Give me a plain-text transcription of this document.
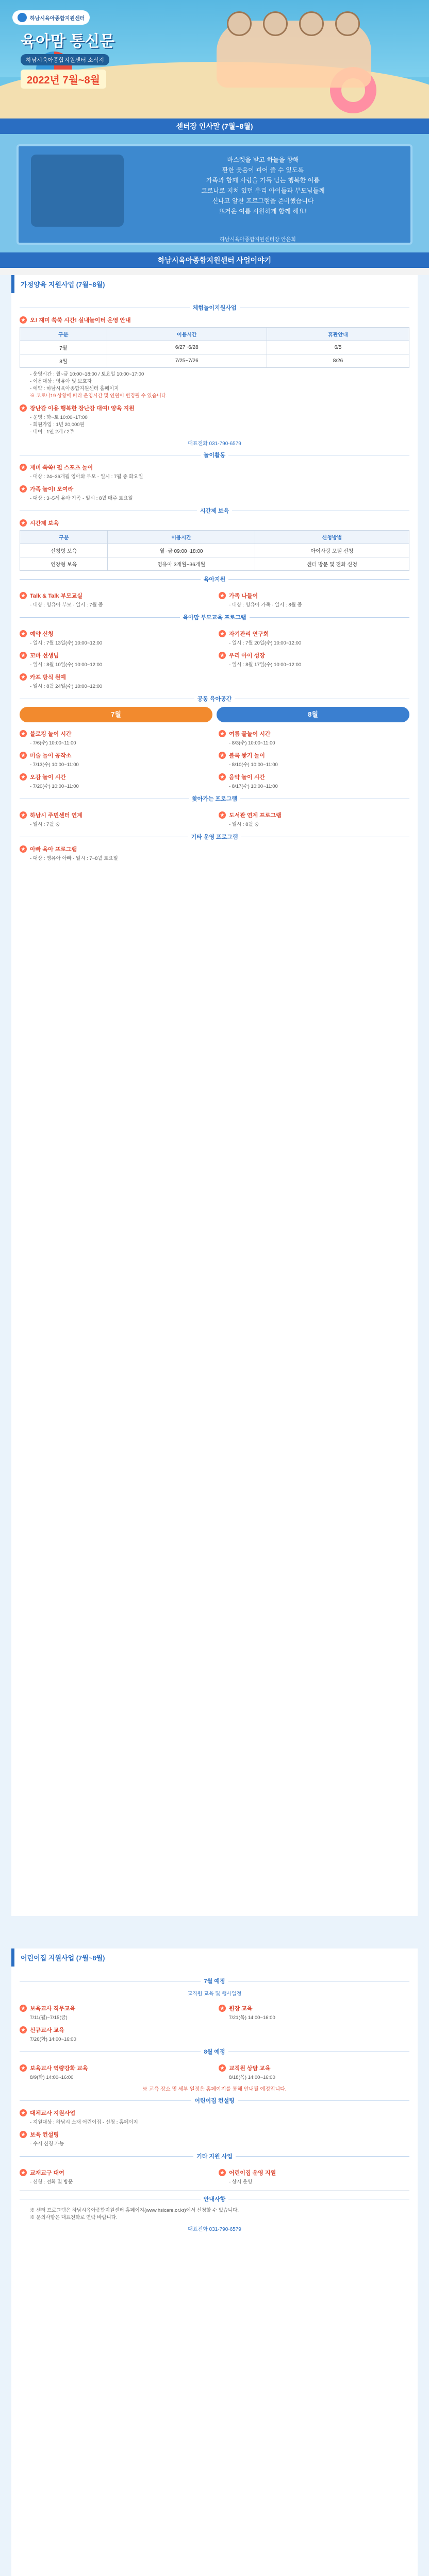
하남시육아종합지원센터
육아맘 통신문
하남시육아종합지원센터 소식지
2022년 7월~8월
센터장 인사말 (7월~8월)
바스켓을 받고 하늘을 향해
환한 웃음이 피어 줄 수 있도록
가족과 함께 사랑을 가득 담는 행복한 여름
코로나로 지쳐 있던 우리 아이들과 부모님들께
신나고 알찬 프로그램을 준비했습니다
뜨거운 여름 시원하게 함께 해요!
하남시육아종합지원센터장 안윤희
하남시육아종합지원센터 사업이야기
가정양육 지원사업 (7월~8월)
체험놀이지원사업
★ 오! 재미 쑥쑥 시간! 실내놀이터 운영 안내
구분	이용시간	휴관안내
7월	6/27~6/28	6/5
8월	7/25~7/26	8/26

- 운영시간 : 월~금 10:00~18:00 / 토요일 10:00~17:00

- 이용대상 : 영유아 및 보호자

- 예약 : 하남시육아종합지원센터 홈페이지

※ 코로나19 상황에 따라 운영시간 및 인원이 변경될 수 있습니다.

★ 장난감 이용 행복한 장난감 대여! 양육 지원

- 운영 : 화~토 10:00~17:00

- 회원가입 : 1년 20,000원

- 대여 : 1인 2개 / 2주

대표전화 031-790-6579
놀이활동
★ 재미 쏙쏙! 펄 스포츠 놀이
- 대상 : 24~36개월 영아와 부모 - 일시 : 7월 중 화요일
★ 가족 놀이! 모여라
- 대상 : 3~5세 유아 가족 - 일시 : 8월 매주 토요일
시간제 보육
★ 시간제 보육
구분	이용시간	신청방법
선청형 보육	월~금 09:00~18:00	아이사랑 포털 신청
연장형 보육	영유아 3개월~36개월	센터 방문 및 전화 신청
육아지원
★ Talk & Talk 부모교실
- 대상 : 영유아 부모 - 일시 : 7월 중
★ 가족 나들이
- 대상 : 영유아 가족 - 일시 : 8월 중
육아맘 부모교육 프로그램
★ 예약 신청
- 일시 : 7월 13일(수) 10:00~12:00
★ 자기관리 연구회
- 일시 : 7월 20일(수) 10:00~12:00
★ 꼬마 선생님
- 일시 : 8월 10일(수) 10:00~12:00
★ 우리 아이 성장
- 일시 : 8월 17일(수) 10:00~12:00
★ 카프 방식 원예
- 일시 : 8월 24일(수) 10:00~12:00
공동 육아공간
7월	8월
★ 블로킹 놀이 시간
- 7/6(수) 10:00~11:00
★ 미술 놀이 공작소
- 7/13(수) 10:00~11:00
★ 오감 놀이 시간
- 7/20(수) 10:00~11:00
★ 여름 물놀이 시간
- 8/3(수) 10:00~11:00
★ 블록 쌓기 놀이
- 8/10(수) 10:00~11:00
★ 음악 놀이 시간
- 8/17(수) 10:00~11:00
찾아가는 프로그램
★ 하남시 주민센터 연계
- 일시 : 7월 중
★ 도서관 연계 프로그램
- 일시 : 8월 중
기타 운영 프로그램
★ 아빠 육아 프로그램
- 대상 : 영유아 아빠 - 일시 : 7~8월 토요일
어린이집 지원사업 (7월~8월)
7월 예정
교직원 교육 및 행사일정
★ 보육교사 직무교육
7/11(월)~7/15(금)
★ 원장 교육
7/21(목) 14:00~16:00
★ 신규교사 교육
7/26(화) 14:00~16:00
8월 예정
★ 보육교사 역량강화 교육
8/9(화) 14:00~16:00
★ 교직원 상담 교육
8/18(목) 14:00~16:00
※ 교육 장소 및 세부 일정은 홈페이지를 통해 안내될 예정입니다.
어린이집 컨설팅
★ 대체교사 지원사업
- 지원대상 : 하남시 소재 어린이집 - 신청 : 홈페이지
★ 보육 컨설팅
- 수시 신청 가능
기타 지원 사업
★ 교재교구 대여
- 신청 : 전화 및 방문
★ 어린이집 운영 지원
- 상시 운영
안내사항

※ 센터 프로그램은 하남시육아종합지원센터 홈페이지(www.hsicare.or.kr)에서 신청할 수 있습니다.

※ 문의사항은 대표전화로 연락 바랍니다.

대표전화 031-790-6579
